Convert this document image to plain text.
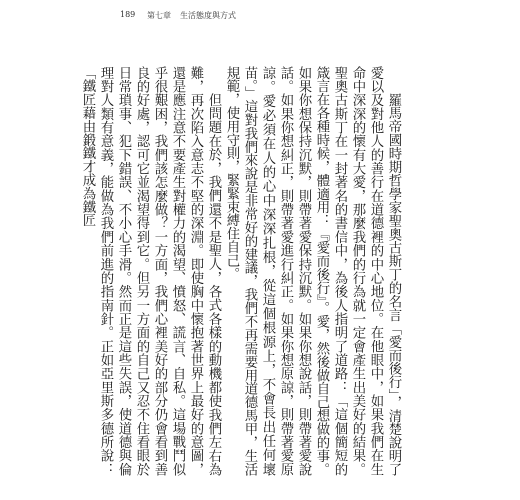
189 第七章 生活態度與方式

羅馬帝國時期哲學家聖奧古斯丁的名言「愛而後行」，清楚說明了愛以及對他人的善行在道德裡的中心地位。在他眼中，如果我們在生命中深深的懷有大愛，那麼我們的行為就一定會產生出美好的結果。聖奧古斯丁在一封著名的書信中，為後人指明了道路：「這個簡短的箴言在各種時候，體適用：『愛而後行』。愛，然後做自己想做的事。如果你想保持沉默，則帶著愛保持沉默。如果你想說話，則帶著愛說話。如果你想糾正，則帶著愛進行糾正。如果你想原諒，則帶著愛原諒。愛必須在人的心中深深扎根，從這個根源上，不會長出任何壞苗。」這對我們來說是非常好的建議，我們不再需要用道德馬甲，生活規範，使用守則，緊緊束縛住自己。

但問題在於，我們還不是聖人，各式各樣的動機都使我們左右為難，再次陷入意志不堅的深淵。即使胸中懷抱著世界上最好的意圖，還是應注意不要產生對權力的渴望、憤怒、謊言、自私。這場戰鬥似乎很艱困，我們該怎麼做？一方面，我們心裡美好的部分仍會看到善良的好處，認可它並渴望得到它。但另一方面的自己又忍不住看眼於日常瑣事、犯下錯誤、不小心手滑。然而正是這些失誤，使道德與倫理對人類有意義，能做為我們前進的指南針。正如亞里斯多德所說：「鐵匠藉由鍛鐵才成為鐵匠
